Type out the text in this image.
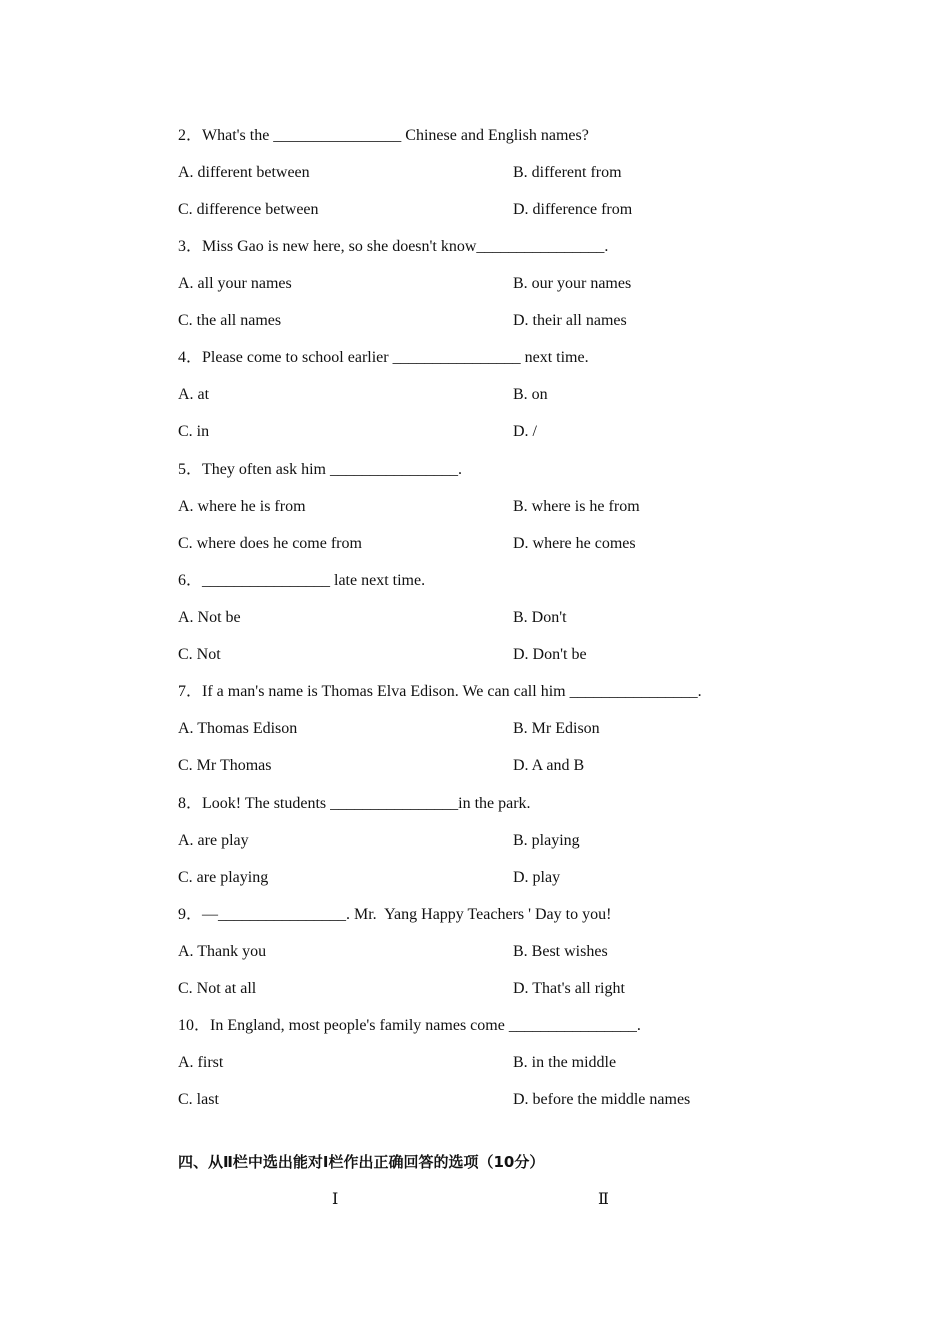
2．What's the ________________ Chinese and English names?
A. different between	B. different from
C. difference between	D. difference from
3．Miss Gao is new here, so she doesn't know________________.
A. all your names	B. our your names
C. the all names	D. their all names
4．Please come to school earlier ________________ next time.
A. at	B. on
C. in	D. /
5．They often ask him ________________.
A. where he is from	B. where is he from
C. where does he come from	D. where he comes
6．________________ late next time.
A. Not be	B. Don't
C. Not	D. Don't be
7．If a man's name is Thomas Elva Edison. We can call him ________________.
A. Thomas Edison	B. Mr Edison
C. Mr Thomas	D. A and B
8．Look! The students ________________in the park.
A. are play	B. playing
C. are playing	D. play
9．—________________. Mr.  Yang Happy Teachers ' Day to you!
A. Thank you	B. Best wishes
C. Not at all	D. That's all right
10．In England, most people's family names come ________________.
A. first	B. in the middle
C. last	D. before the middle names
四、从Ⅱ栏中选出能对Ⅰ栏作出正确回答的选项（10分）
Ⅰ	Ⅱ
